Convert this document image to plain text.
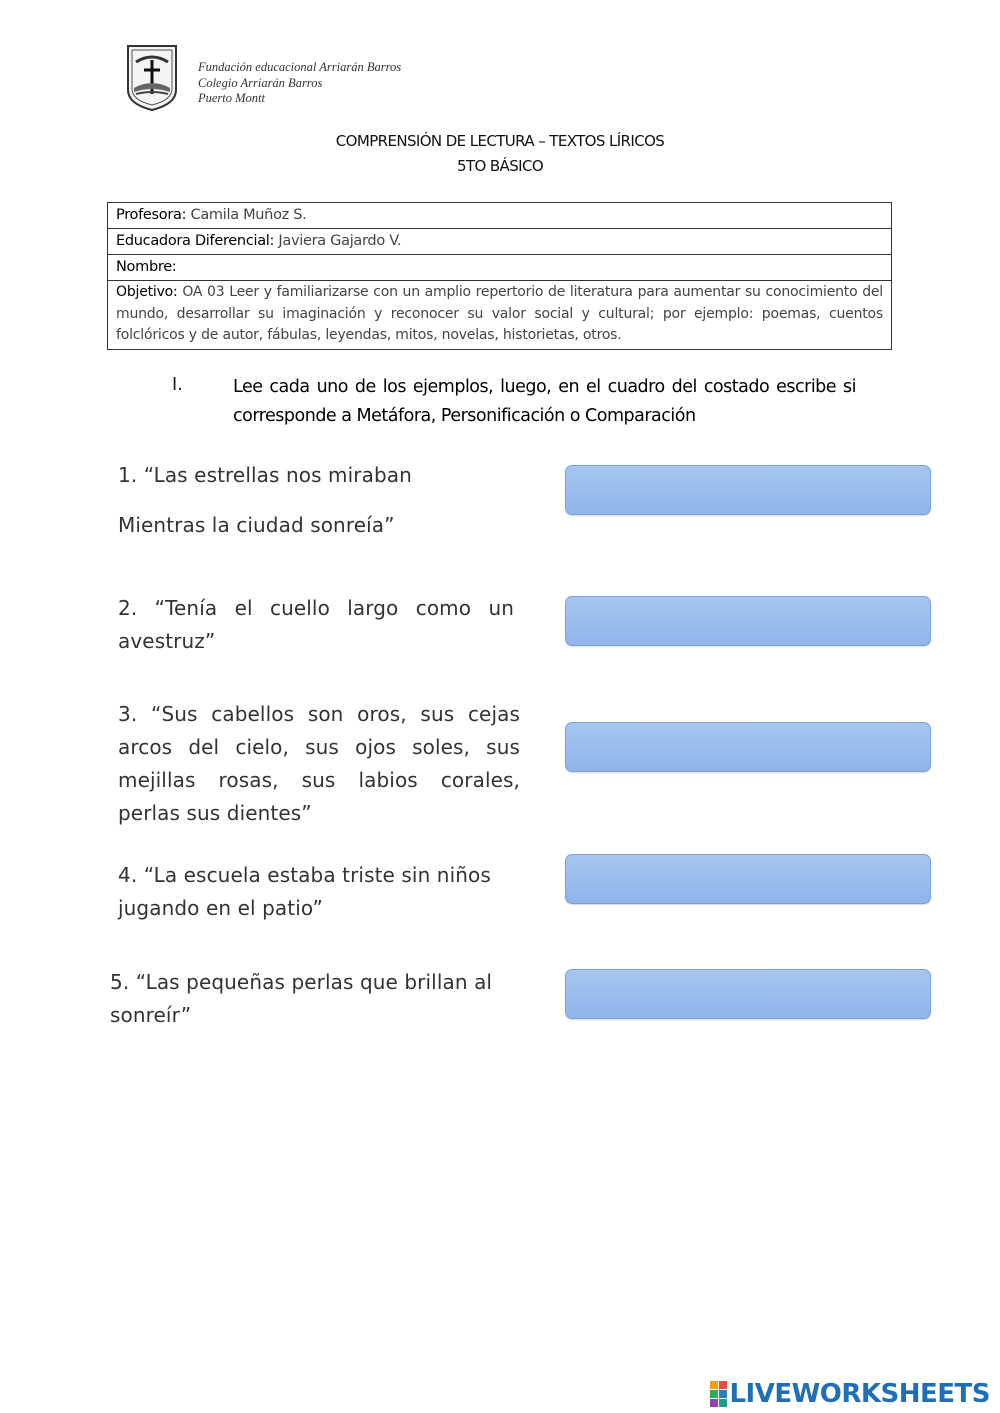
Fundación educacional Arriarán Barros
Colegio Arriarán Barros
Puerto Montt
COMPRENSIÓN DE LECTURA – TEXTOS LÍRICOS
5TO BÁSICO
Profesora: Camila Muñoz S.
Educadora Diferencial: Javiera Gajardo V.
Nombre:
Objetivo: OA 03 Leer y familiarizarse con un amplio repertorio de literatura para aumentar su conocimiento del mundo, desarrollar su imaginación y reconocer su valor social y cultural; por ejemplo: poemas, cuentos folclóricos y de autor, fábulas, leyendas, mitos, novelas, historietas, otros.
I.	Lee cada uno de los ejemplos, luego, en el cuadro del costado escribe si corresponde a Metáfora, Personificación o Comparación
1. “Las estrellas nos miraban
Mientras la ciudad sonreía”
2. “Tenía el cuello largo como un avestruz”
3. “Sus cabellos son oros, sus cejas arcos del cielo, sus ojos soles, sus mejillas rosas, sus labios corales, perlas sus dientes”
4. “La escuela estaba triste sin niños jugando en el patio”
5. “Las pequeñas perlas que brillan al sonreír”
LIVEWORKSHEETS
